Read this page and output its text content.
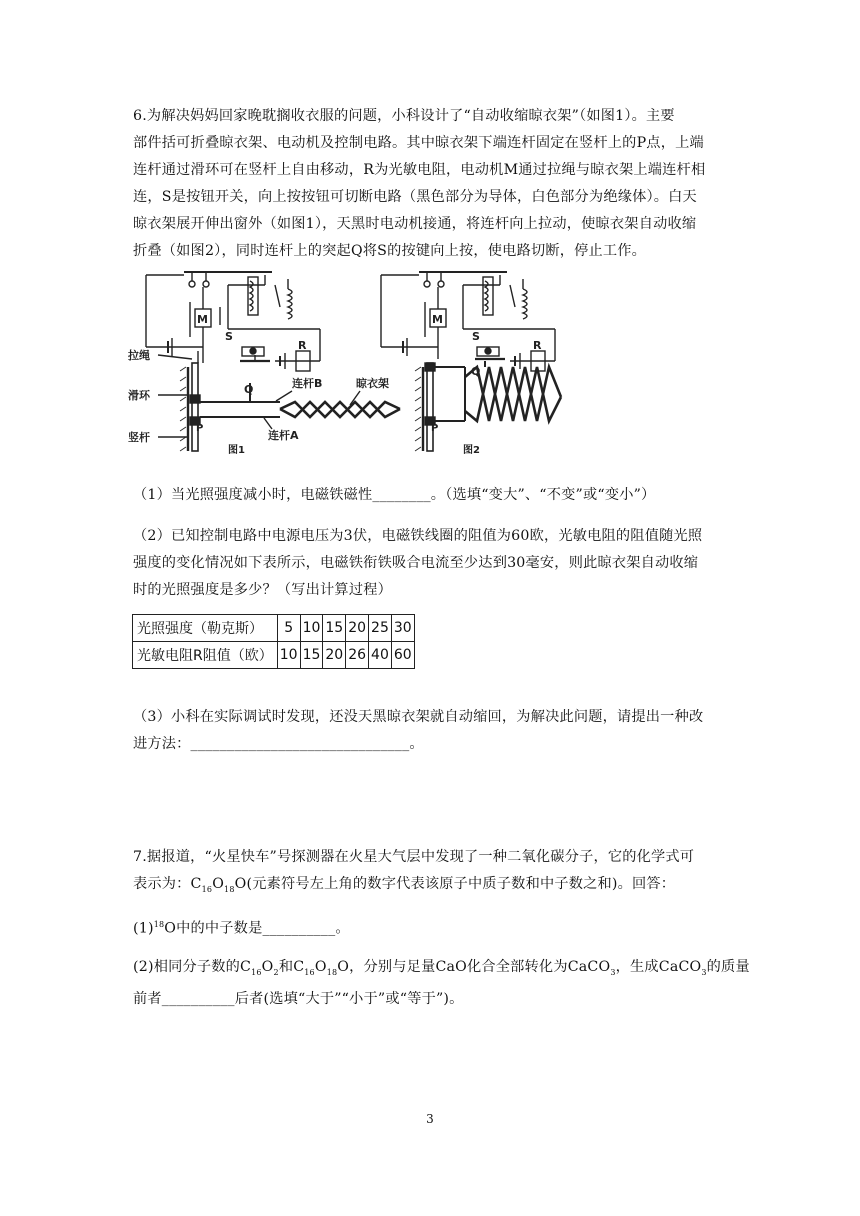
6.为解决妈妈回家晚耽搁收衣服的问题，小科设计了“自动收缩晾衣架”（如图1）。主要
部件括可折叠晾衣架、电动机及控制电路。其中晾衣架下端连杆固定在竖杆上的P点，上端
连杆通过滑环可在竖杆上自由移动，R为光敏电阻，电动机M通过拉绳与晾衣架上端连杆相
连，S是按钮开关，向上按按钮可切断电路（黑色部分为导体，白色部分为绝缘体）。白天
晾衣架展开伸出窗外（如图1），天黑时电动机接通，将连杆向上拉动，使晾衣架自动收缩
折叠（如图2），同时连杆上的突起Q将S的按键向上按，使电路切断，停止工作。
M
S
R
拉绳
滑环
竖杆
P
Q	连杆B	晾衣架
连杆A
图1
M
S
R
Q
P
图2
（1）当光照强度减小时，电磁铁磁性________。（选填“变大”、“不变”或“变小”）
（2）已知控制电路中电源电压为3伏，电磁铁线圈的阻值为60欧，光敏电阻的阻值随光照
强度的变化情况如下表所示，电磁铁衔铁吸合电流至少达到30毫安，则此晾衣架自动收缩
时的光照强度是多少？（写出计算过程）
光照强度（勒克斯）	5	10	15	20	25	30
光敏电阻R阻值（欧）	10	15	20	26	40	60
（3）小科在实际调试时发现，还没天黑晾衣架就自动缩回，为解决此问题，请提出一种改
进方法：______________________________。
7.据报道，“火星快车”号探测器在火星大气层中发现了一种二氧化碳分子，它的化学式可
表示为：$C_{16}O_{18}O$(元素符号左上角的数字代表该原子中质子数和中子数之和)。回答：
$(1)^{18}O$中的中子数是__________。
(2)相同分子数的$C_{16}O_2$和$C_{16}O_{18}O$，分别与足量CaO化合全部转化为CaCO$_3$，生成CaCO$_3$的质量
前者__________后者(选填“大于”“小于”或“等于”)。
3
